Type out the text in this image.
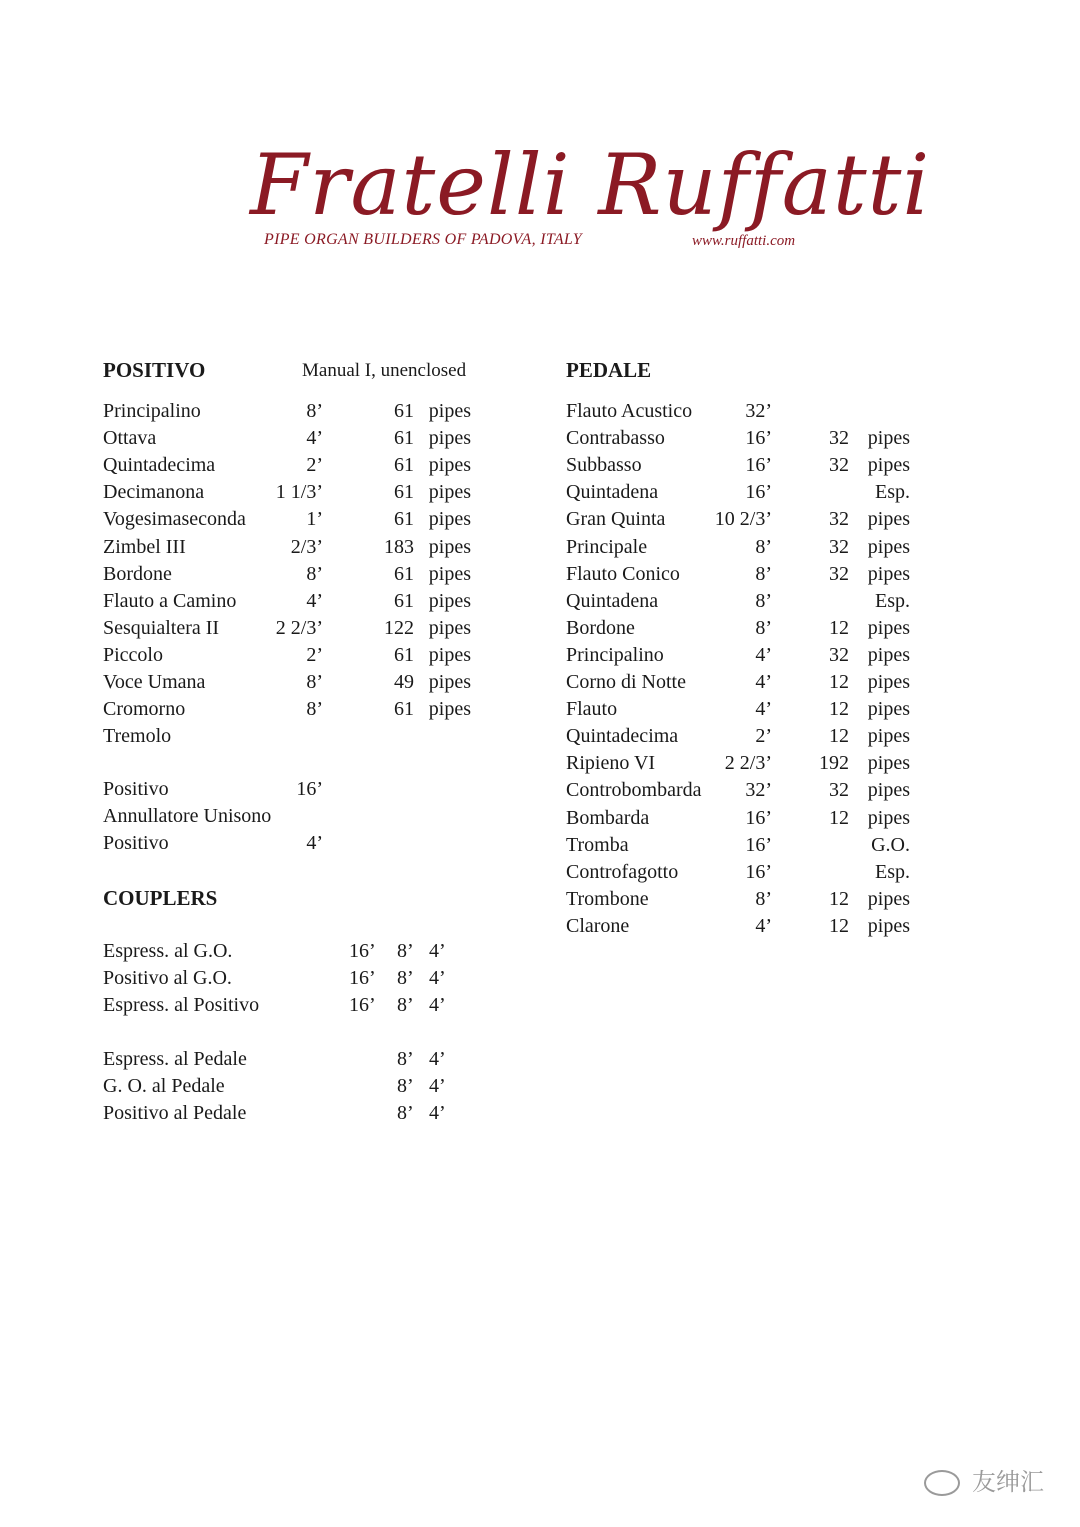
Fratelli Ruffatti
PIPE ORGAN BUILDERS OF PADOVA, ITALY	www.ruffatti.com
POSITIVO	Manual I, unenclosed
Principalino	8’	61 pipes
Ottava	4’	61 pipes
Quintadecima	2’	61 pipes
Decimanona	1 1/3’	61 pipes
Vogesimaseconda	1’	61 pipes
Zimbel III	2/3’	183 pipes
Bordone	8’	61 pipes
Flauto a Camino	4’	61 pipes
Sesquialtera II	2 2/3’	122 pipes
Piccolo	2’	61 pipes
Voce Umana	8’	49 pipes
Cromorno	8’	61 pipes
Tremolo
Positivo	16’
Annullatore Unisono
Positivo	4’
COUPLERS
Espress. al G.O.	16’ 8’ 4’
Positivo al G.O.	16’ 8’ 4’
Espress. al Positivo	16’ 8’ 4’
Espress. al Pedale	8’ 4’
G. O. al Pedale	8’ 4’
Positivo al Pedale	8’ 4’
PEDALE
Flauto Acustico	32’
Contrabasso	16’	32 pipes
Subbasso	16’	32 pipes
Quintadena	16’	Esp.
Gran Quinta 10 2/3’	32 pipes
Principale	8’	32 pipes
Flauto Conico	8’	32 pipes
Quintadena	8’	Esp.
Bordone	8’	12 pipes
Principalino	4’	32 pipes
Corno di Notte	4’	12 pipes
Flauto	4’	12 pipes
Quintadecima	2’	12 pipes
Ripieno VI	2 2/3’ 192 pipes
Controbombarda 32’	32 pipes
Bombarda	16’	12 pipes
Tromba	16’	G.O.
Controfagotto	16’	Esp.
Trombone	8’	12 pipes
Clarone	4’	12 pipes
友绅汇
